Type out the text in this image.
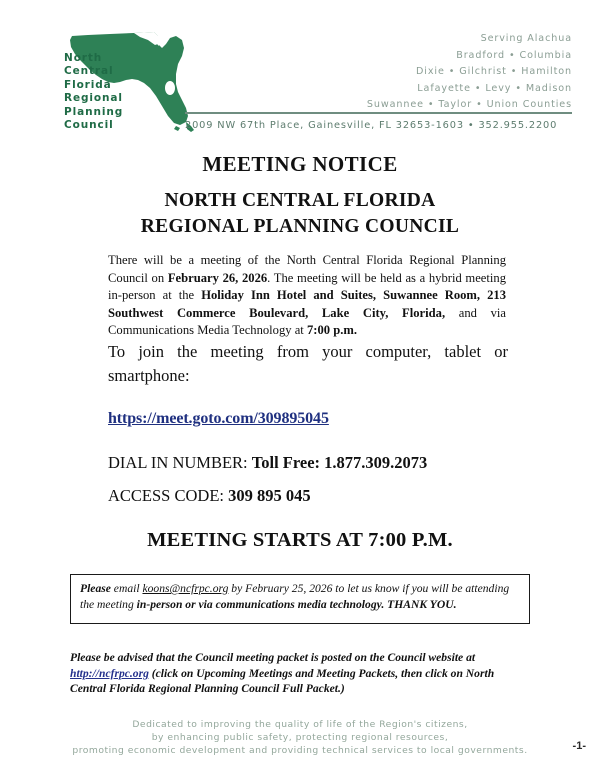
North
Central
Florida
Regional
Planning
Council
Serving Alachua
Bradford • Columbia
Dixie • Gilchrist • Hamilton
Lafayette • Levy • Madison
Suwannee • Taylor • Union Counties
2009 NW 67th Place, Gainesville, FL 32653-1603 • 352.955.2200
MEETING NOTICE
NORTH CENTRAL FLORIDA
REGIONAL PLANNING COUNCIL
There will be a meeting of the North Central Florida Regional Planning Council on February 26, 2026. The meeting will be held as a hybrid meeting in-person at the Holiday Inn Hotel and Suites, Suwannee Room, 213 Southwest Commerce Boulevard, Lake City, Florida, and via Communications Media Technology at 7:00 p.m.
To join the meeting from your computer, tablet or smartphone:
https://meet.goto.com/309895045
DIAL IN NUMBER: Toll Free: 1.877.309.2073
ACCESS CODE: 309 895 045
MEETING STARTS AT 7:00 P.M.
Please email koons@ncfrpc.org by February 25, 2026 to let us know if you will be attending the meeting in-person or via communications media technology. THANK YOU.
Please be advised that the Council meeting packet is posted on the Council website at http://ncfrpc.org (click on Upcoming Meetings and Meeting Packets, then click on North Central Florida Regional Planning Council Full Packet.)
Dedicated to improving the quality of life of the Region's citizens,
by enhancing public safety, protecting regional resources,
promoting economic development and providing technical services to local governments.	-1-
